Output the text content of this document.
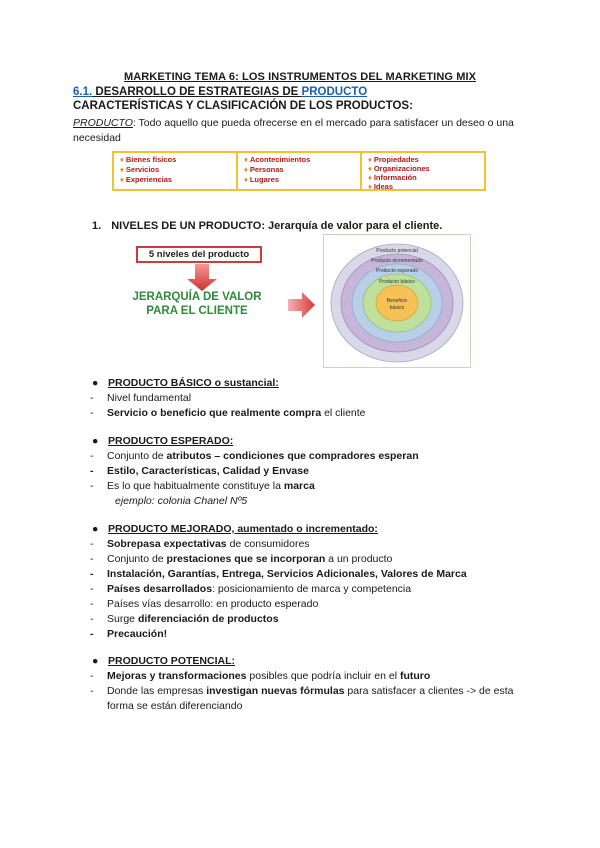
MARKETING TEMA 6: LOS INSTRUMENTOS DEL MARKETING MIX
6.1. DESARROLLO DE ESTRATEGIAS DE PRODUCTO
CARACTERÍSTICAS Y CLASIFICACIÓN DE LOS PRODUCTOS:
PRODUCTO: Todo aquello que pueda ofrecerse en el mercado para satisfacer un deseo o una necesidad
♦ Bienes físicos
♦ Servicios
♦ Experiencias
♦ Acontecimientos
♦ Personas
♦ Lugares
♦ Propiedades
♦ Organizaciones
♦ Información
♦ Ideas
1. NIVELES DE UN PRODUCTO: Jerarquía de valor para el cliente.
5 niveles del producto
JERARQUÍA DE VALOR
PARA EL CLIENTE
Producto potencial
Producto incrementado
Producto esperado
Producto básico
Beneficio
básico
● PRODUCTO BÁSICO o sustancial:
- Nivel fundamental
- Servicio o beneficio que realmente compra el cliente
● PRODUCTO ESPERADO:
- Conjunto de atributos – condiciones que compradores esperan
- Estilo, Características, Calidad y Envase
- Es lo que habitualmente constituye la marca
ejemplo: colonia Chanel Nº5
● PRODUCTO MEJORADO, aumentado o incrementado:
- Sobrepasa expectativas de consumidores
- Conjunto de prestaciones que se incorporan a un producto
- Instalación, Garantías, Entrega, Servicios Adicionales, Valores de Marca
- Países desarrollados: posicionamiento de marca y competencia
- Países vías desarrollo: en producto esperado
- Surge diferenciación de productos
- Precaución!
● PRODUCTO POTENCIAL:
- Mejoras y transformaciones posibles que podría incluir en el futuro
- Donde las empresas investigan nuevas fórmulas para satisfacer a clientes -> de esta forma se están diferenciando
